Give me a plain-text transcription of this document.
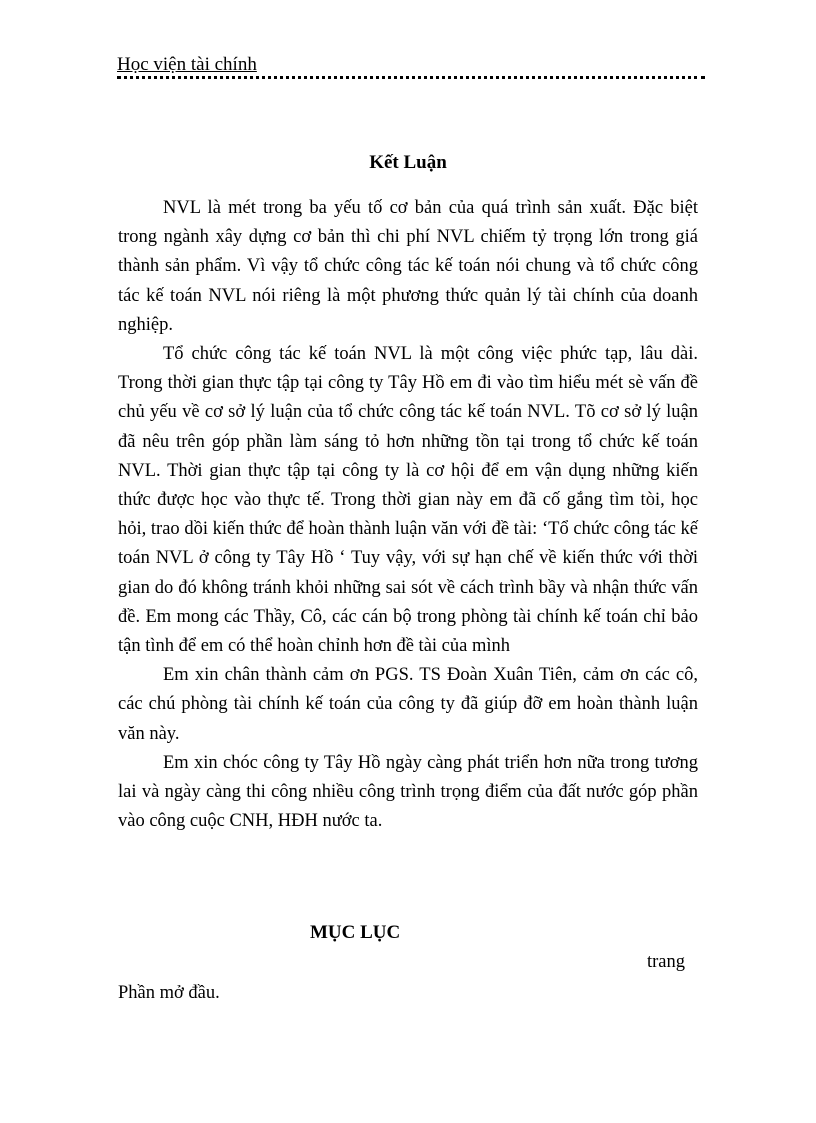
Học viện tài chính
Kết Luận

NVL là mét trong ba yếu tố cơ bản của quá trình sản xuất. Đặc biệt trong ngành xây dựng cơ bản thì chi phí NVL chiếm tỷ trọng lớn trong giá thành sản phẩm. Vì vậy tổ chức công tác kế toán nói chung và tổ chức công tác kế toán NVL nói riêng là một phương thức quản lý tài chính của doanh nghiệp.

Tổ chức công tác kế toán NVL là một công việc phức tạp, lâu dài. Trong thời gian thực tập tại công ty Tây Hồ em đi vào tìm hiểu mét sè vấn đề chủ yếu về cơ sở lý luận của tổ chức công tác kế toán NVL. Tõ cơ sở lý luận đã nêu trên góp phần làm sáng tỏ hơn những tồn tại trong tổ chức kế toán NVL. Thời gian thực tập tại công ty là cơ hội để em vận dụng những kiến thức được học vào thực tế. Trong thời gian này em đã cố gắng tìm tòi, học hỏi, trao dồi kiến thức để hoàn thành luận văn với đề tài: ‘Tổ chức công tác kế toán NVL ở công ty Tây Hồ ‘ Tuy vậy, với sự hạn chế về kiến thức với thời gian do đó không tránh khỏi những sai sót về cách trình bầy và nhận thức vấn đề. Em mong các Thầy, Cô, các cán bộ trong phòng tài chính kế toán chỉ bảo tận tình để em có thể hoàn chỉnh hơn đề tài của mình

Em xin chân thành cảm ơn PGS. TS Đoàn Xuân Tiên, cảm ơn các cô, các chú phòng tài chính kế toán của công ty đã giúp đỡ em hoàn thành luận văn này.

Em xin chóc công ty Tây Hồ ngày càng phát triển hơn nữa trong tương lai và ngày càng thi công nhiều công trình trọng điểm của đất nước góp phần vào công cuộc CNH, HĐH nước ta.

MỤC LỤC
trang
Phần mở đầu.
